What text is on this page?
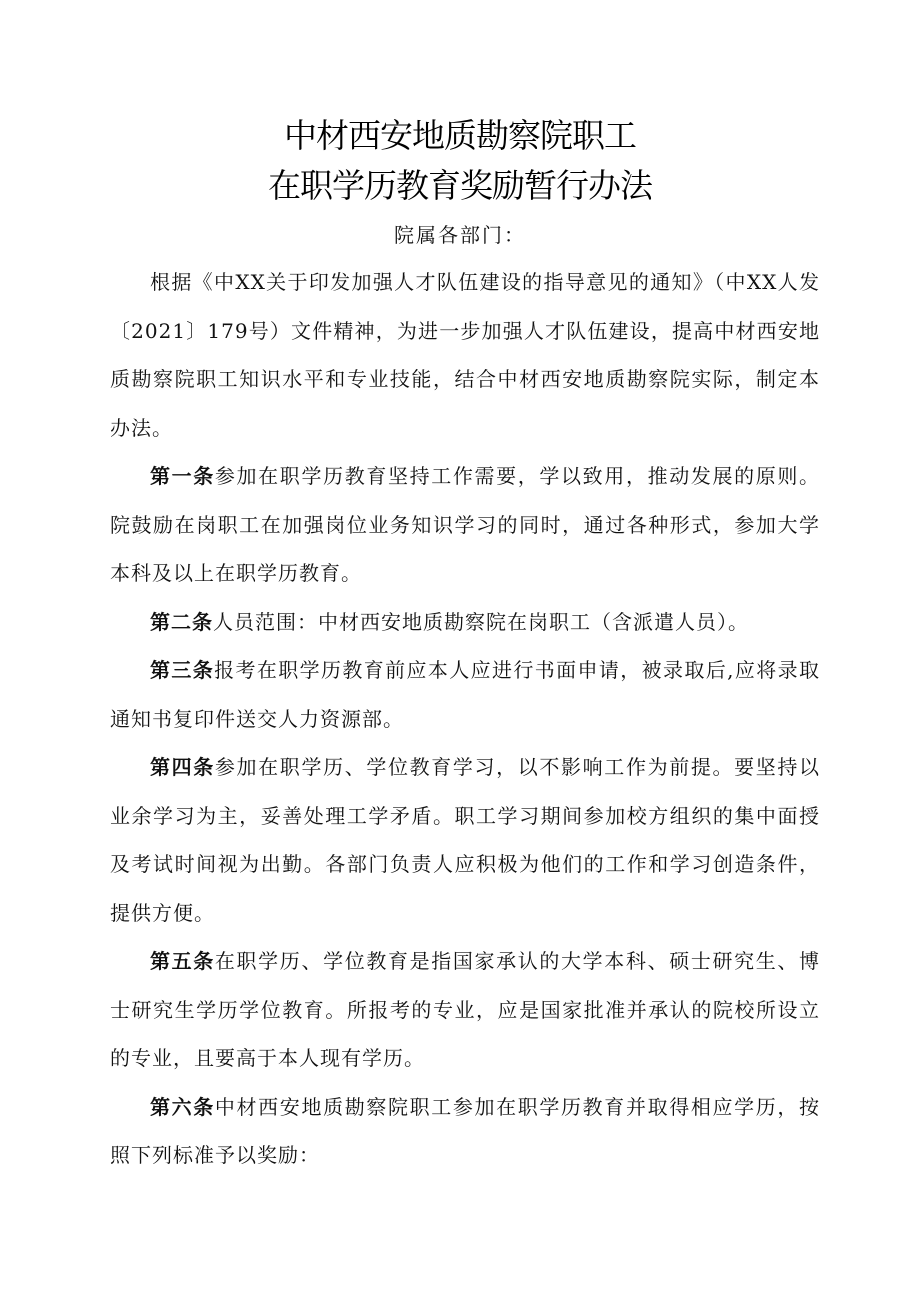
中材西安地质勘察院职工
在职学历教育奖励暂行办法
院属各部门：

根据《中XX关于印发加强人才队伍建设的指导意见的通知》（中XX人发〔2021〕179号）文件精神，为进一步加强人才队伍建设，提高中材西安地质勘察院职工知识水平和专业技能，结合中材西安地质勘察院实际，制定本办法。

第一条参加在职学历教育坚持工作需要，学以致用，推动发展的原则。院鼓励在岗职工在加强岗位业务知识学习的同时，通过各种形式，参加大学本科及以上在职学历教育。

第二条人员范围：中材西安地质勘察院在岗职工（含派遣人员）。

第三条报考在职学历教育前应本人应进行书面申请，被录取后,应将录取通知书复印件送交人力资源部。

第四条参加在职学历、学位教育学习，以不影响工作为前提。要坚持以业余学习为主，妥善处理工学矛盾。职工学习期间参加校方组织的集中面授及考试时间视为出勤。各部门负责人应积极为他们的工作和学习创造条件，提供方便。

第五条在职学历、学位教育是指国家承认的大学本科、硕士研究生、博士研究生学历学位教育。所报考的专业，应是国家批准并承认的院校所设立的专业，且要高于本人现有学历。

第六条中材西安地质勘察院职工参加在职学历教育并取得相应学历，按照下列标准予以奖励：
